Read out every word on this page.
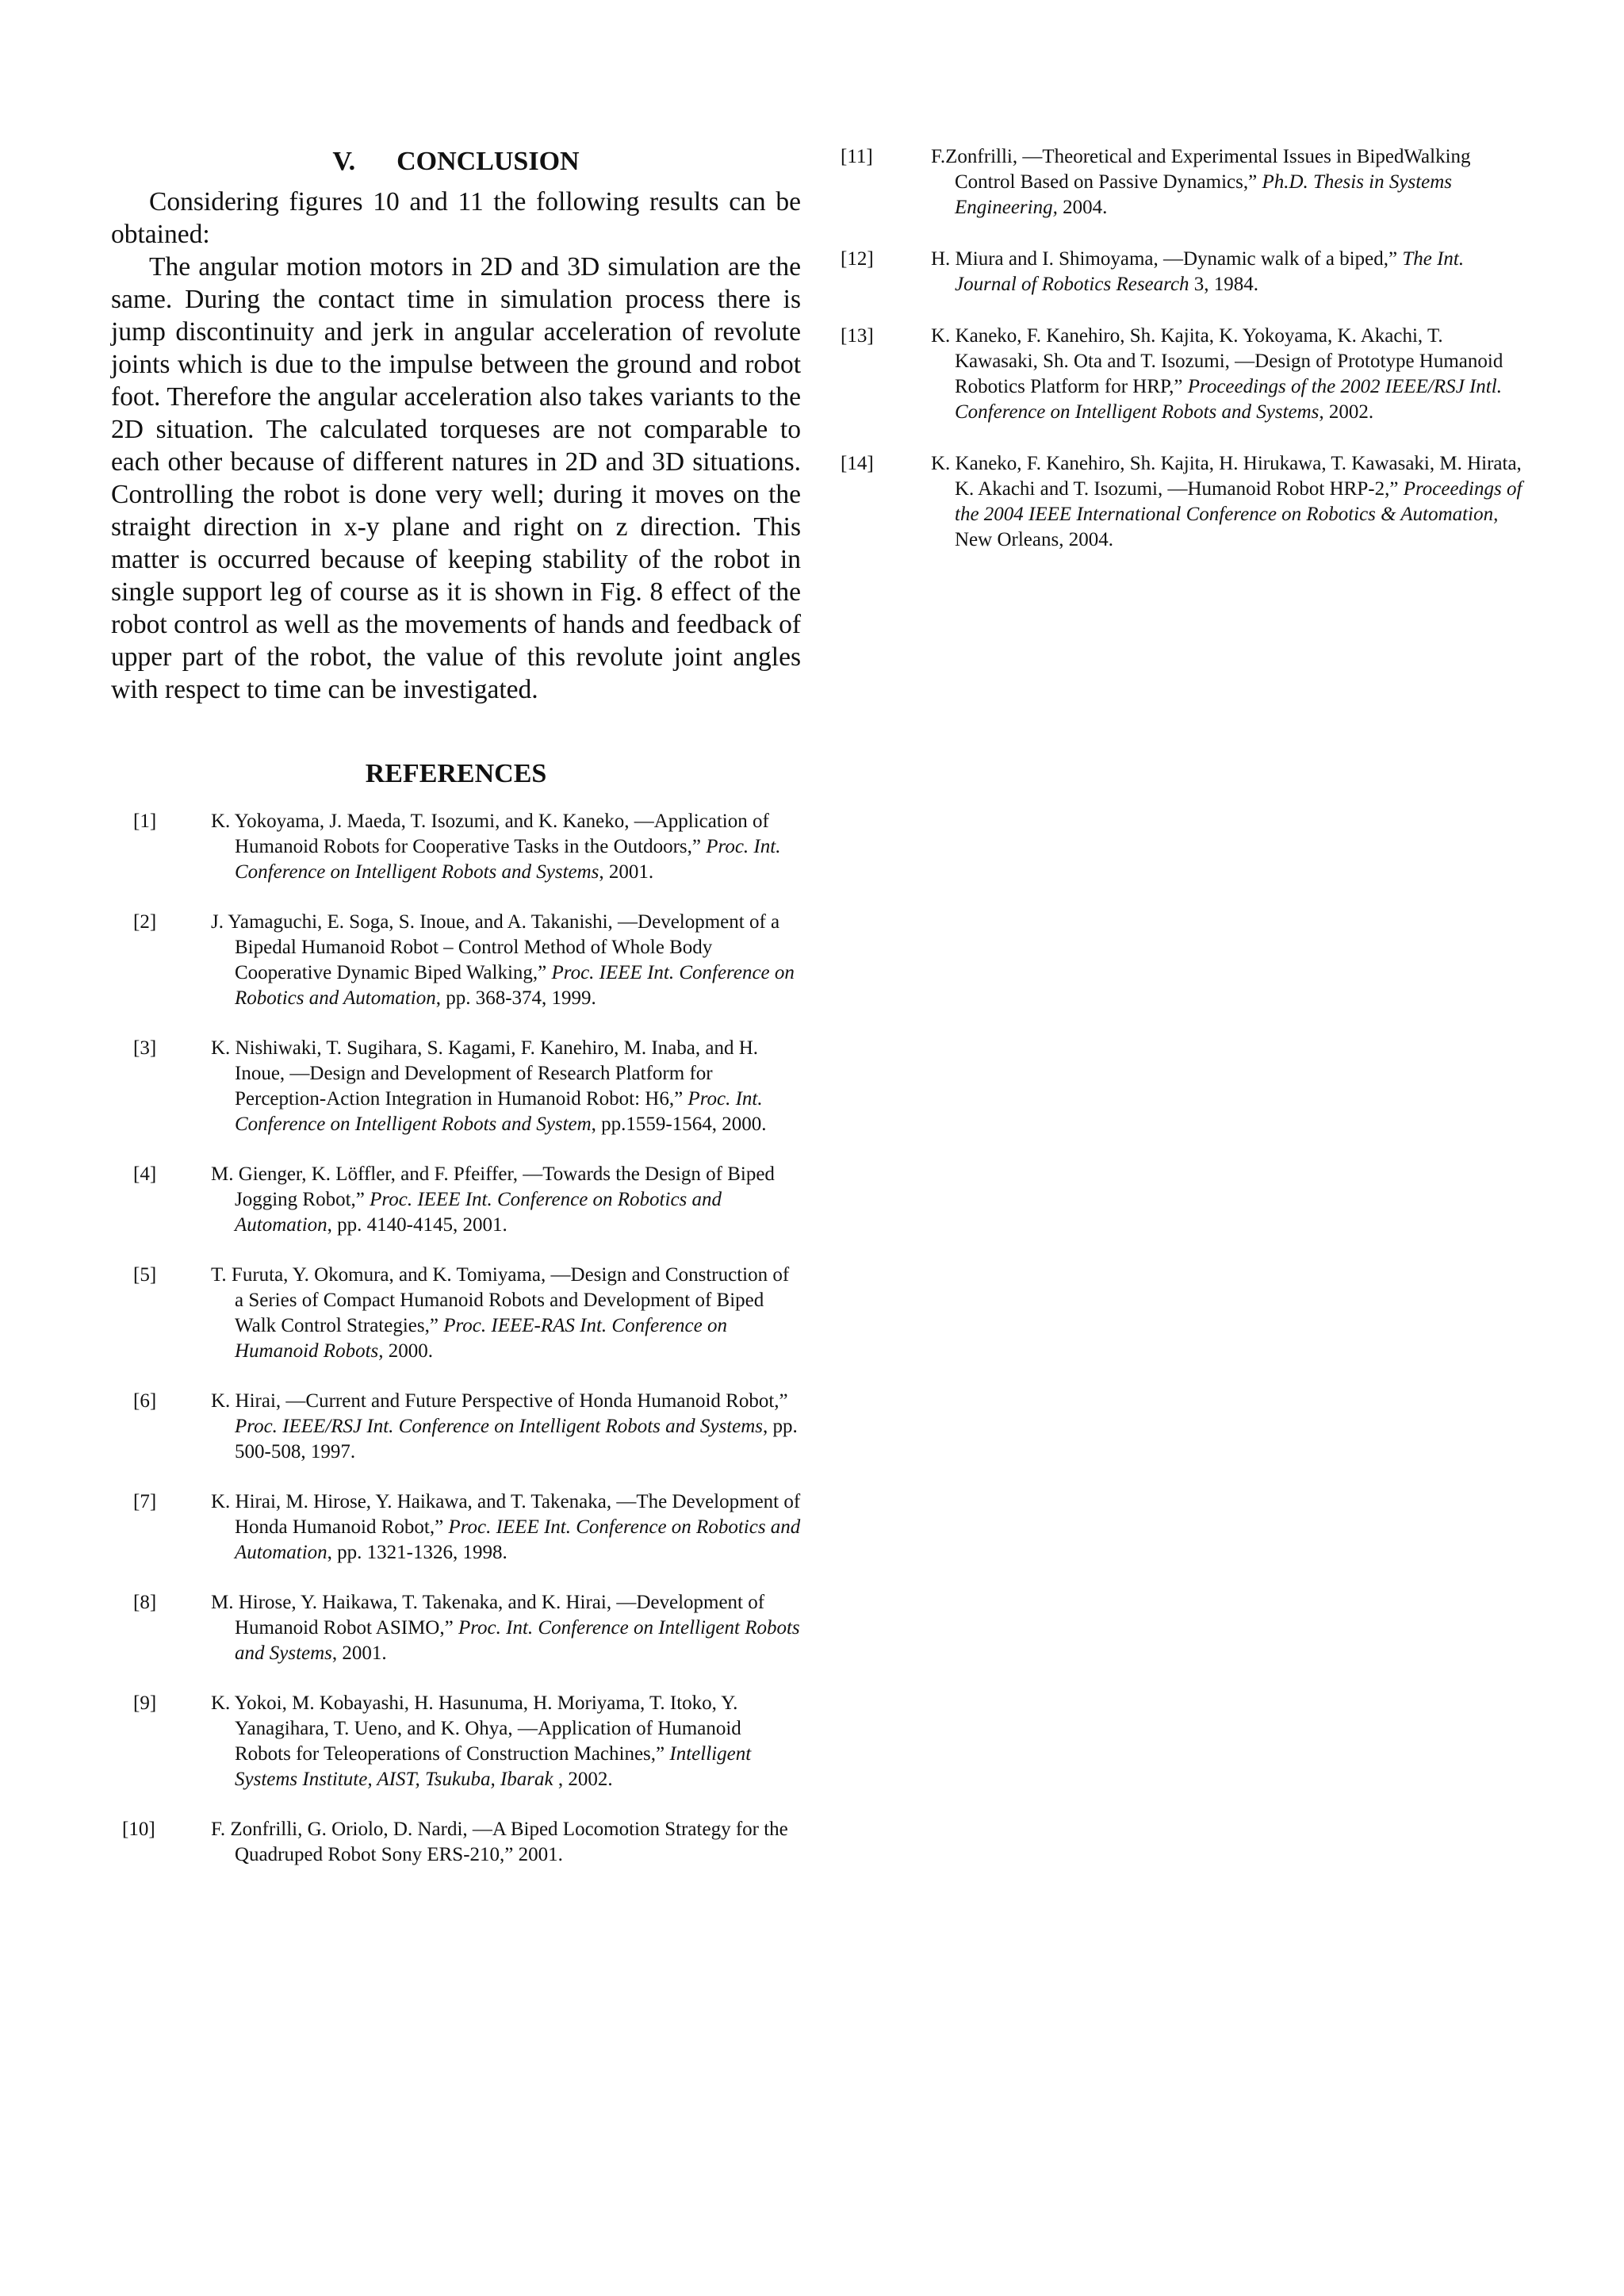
V. CONCLUSION

Considering figures 10 and 11 the following results can be obtained:

The angular motion motors in 2D and 3D simulation are the same. During the contact time in simulation process there is jump discontinuity and jerk in angular acceleration of revolute joints which is due to the impulse between the ground and robot foot. Therefore the angular acceleration also takes variants to the 2D situation. The calculated torqueses are not comparable to each other because of different natures in 2D and 3D situations. Controlling the robot is done very well; during it moves on the straight direction in x-y plane and right on z direction. This matter is occurred because of keeping stability of the robot in single support leg of course as it is shown in Fig. 8 effect of the robot control as well as the movements of hands and feedback of upper part of the robot, the value of this revolute joint angles with respect to time can be investigated.

REFERENCES
[1]	K. Yokoyama, J. Maeda, T. Isozumi, and K. Kaneko, —Application of Humanoid Robots for Cooperative Tasks in the Outdoors,” Proc. Int. Conference on Intelligent Robots and Systems, 2001.
[2]	J. Yamaguchi, E. Soga, S. Inoue, and A. Takanishi, —Development of a Bipedal Humanoid Robot – Control Method of Whole Body Cooperative Dynamic Biped Walking,” Proc. IEEE Int. Conference on Robotics and Automation, pp. 368-374, 1999.
[3]	K. Nishiwaki, T. Sugihara, S. Kagami, F. Kanehiro, M. Inaba, and H. Inoue, —Design and Development of Research Platform for Perception-Action Integration in Humanoid Robot: H6,” Proc. Int. Conference on Intelligent Robots and System, pp.1559-1564, 2000.
[4]	M. Gienger, K. Löffler, and F. Pfeiffer, —Towards the Design of Biped Jogging Robot,” Proc. IEEE Int. Conference on Robotics and Automation, pp. 4140-4145, 2001.
[5]	T. Furuta, Y. Okomura, and K. Tomiyama, —Design and Construction of a Series of Compact Humanoid Robots and Development of Biped Walk Control Strategies,” Proc. IEEE-RAS Int. Conference on Humanoid Robots, 2000.
[6]	K. Hirai, —Current and Future Perspective of Honda Humanoid Robot,” Proc. IEEE/RSJ Int. Conference on Intelligent Robots and Systems, pp. 500-508, 1997.
[7]	K. Hirai, M. Hirose, Y. Haikawa, and T. Takenaka, —The Development of Honda Humanoid Robot,” Proc. IEEE Int. Conference on Robotics and Automation, pp. 1321-1326, 1998.
[8]	M. Hirose, Y. Haikawa, T. Takenaka, and K. Hirai, —Development of Humanoid Robot ASIMO,” Proc. Int. Conference on Intelligent Robots and Systems, 2001.
[9]	K. Yokoi, M. Kobayashi, H. Hasunuma, H. Moriyama, T. Itoko, Y. Yanagihara, T. Ueno, and K. Ohya, —Application of Humanoid Robots for Teleoperations of Construction Machines,” Intelligent Systems Institute, AIST, Tsukuba, Ibarak , 2002.
[10]	F. Zonfrilli, G. Oriolo, D. Nardi, —A Biped Locomotion Strategy for the Quadruped Robot Sony ERS-210,” 2001.
[11]	F.Zonfrilli, —Theoretical and Experimental Issues in BipedWalking Control Based on Passive Dynamics,” Ph.D. Thesis in Systems Engineering, 2004.
[12]	H. Miura and I. Shimoyama, —Dynamic walk of a biped,” The Int. Journal of Robotics Research 3, 1984.
[13]	K. Kaneko, F. Kanehiro, Sh. Kajita, K. Yokoyama, K. Akachi, T. Kawasaki, Sh. Ota and T. Isozumi, —Design of Prototype Humanoid Robotics Platform for HRP,” Proceedings of the 2002 IEEE/RSJ Intl. Conference on Intelligent Robots and Systems, 2002.
[14]	K. Kaneko, F. Kanehiro, Sh. Kajita, H. Hirukawa, T. Kawasaki, M. Hirata, K. Akachi and T. Isozumi, —Humanoid Robot HRP-2,” Proceedings of the 2004 IEEE International Conference on Robotics & Automation, New Orleans, 2004.
